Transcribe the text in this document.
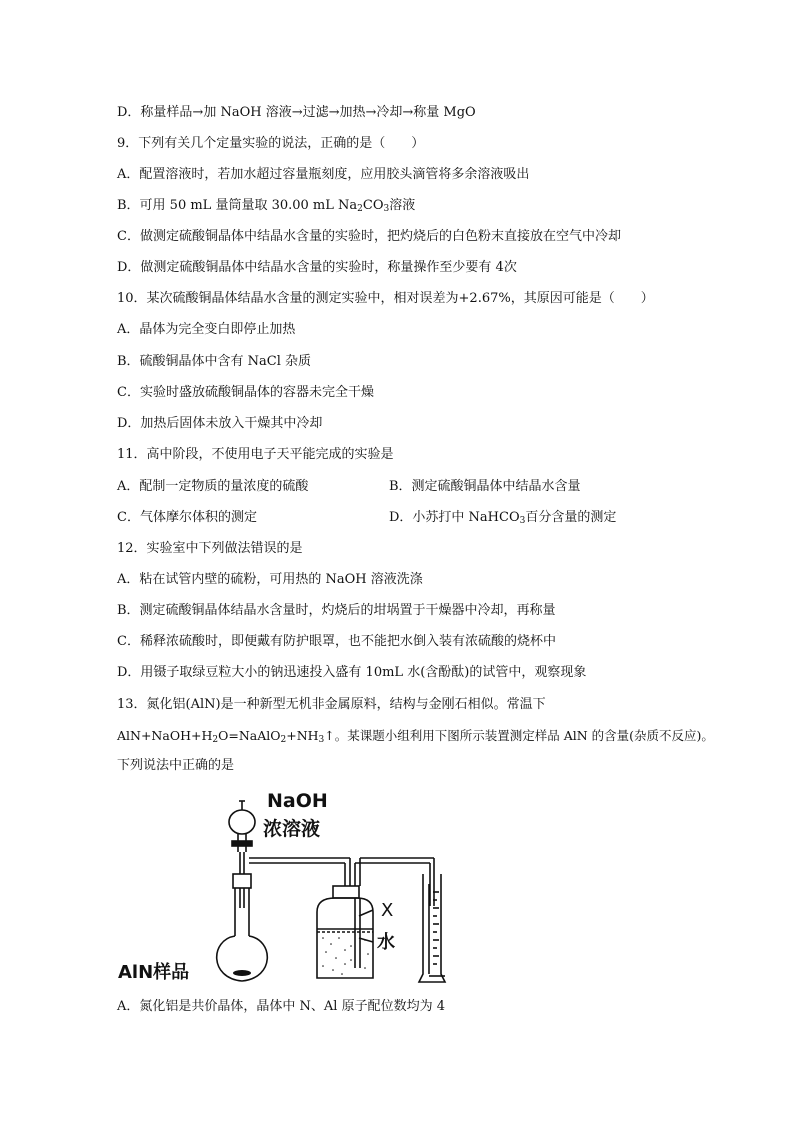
D．称量样品→加 NaOH 溶液→过滤→加热→冷却→称量 MgO
9．下列有关几个定量实验的说法，正确的是（　　）
A．配置溶液时，若加水超过容量瓶刻度，应用胶头滴管将多余溶液吸出
B．可用 50 mL 量筒量取 30.00 mL $Na_2CO_3$溶液
C．做测定硫酸铜晶体中结晶水含量的实验时，把灼烧后的白色粉末直接放在空气中冷却
D．做测定硫酸铜晶体中结晶水含量的实验时，称量操作至少要有 4次
10．某次硫酸铜晶体结晶水含量的测定实验中，相对误差为+2.67%，其原因可能是（　　）
A．晶体为完全变白即停止加热
B．硫酸铜晶体中含有 NaCl 杂质
C．实验时盛放硫酸铜晶体的容器未完全干燥
D．加热后固体未放入干燥其中冷却
11．高中阶段，不使用电子天平能完成的实验是
A．配制一定物质的量浓度的硫酸	B．测定硫酸铜晶体中结晶水含量
C．气体摩尔体积的测定	D．小苏打中 NaHCO$_3$百分含量的测定
12．实验室中下列做法错误的是
A．粘在试管内壁的硫粉，可用热的 NaOH 溶液洗涤
B．测定硫酸铜晶体结晶水含量时，灼烧后的坩埚置于干燥器中冷却，再称量
C．稀释浓硫酸时，即便戴有防护眼罩，也不能把水倒入装有浓硫酸的烧杯中
D．用镊子取绿豆粒大小的钠迅速投入盛有 10mL 水(含酚酞)的试管中，观察现象
13．氮化铝(AlN)是一种新型无机非金属原料，结构与金刚石相似。常温下
$AlN+NaOH+H_2O=NaAlO_2+NH_3↑$。某课题小组利用下图所示装置测定样品 AlN 的含量(杂质不反应)。
下列说法中正确的是
NaOH
浓溶液
X
水
AlN样品
A．氮化铝是共价晶体，晶体中 N、Al 原子配位数均为 4
